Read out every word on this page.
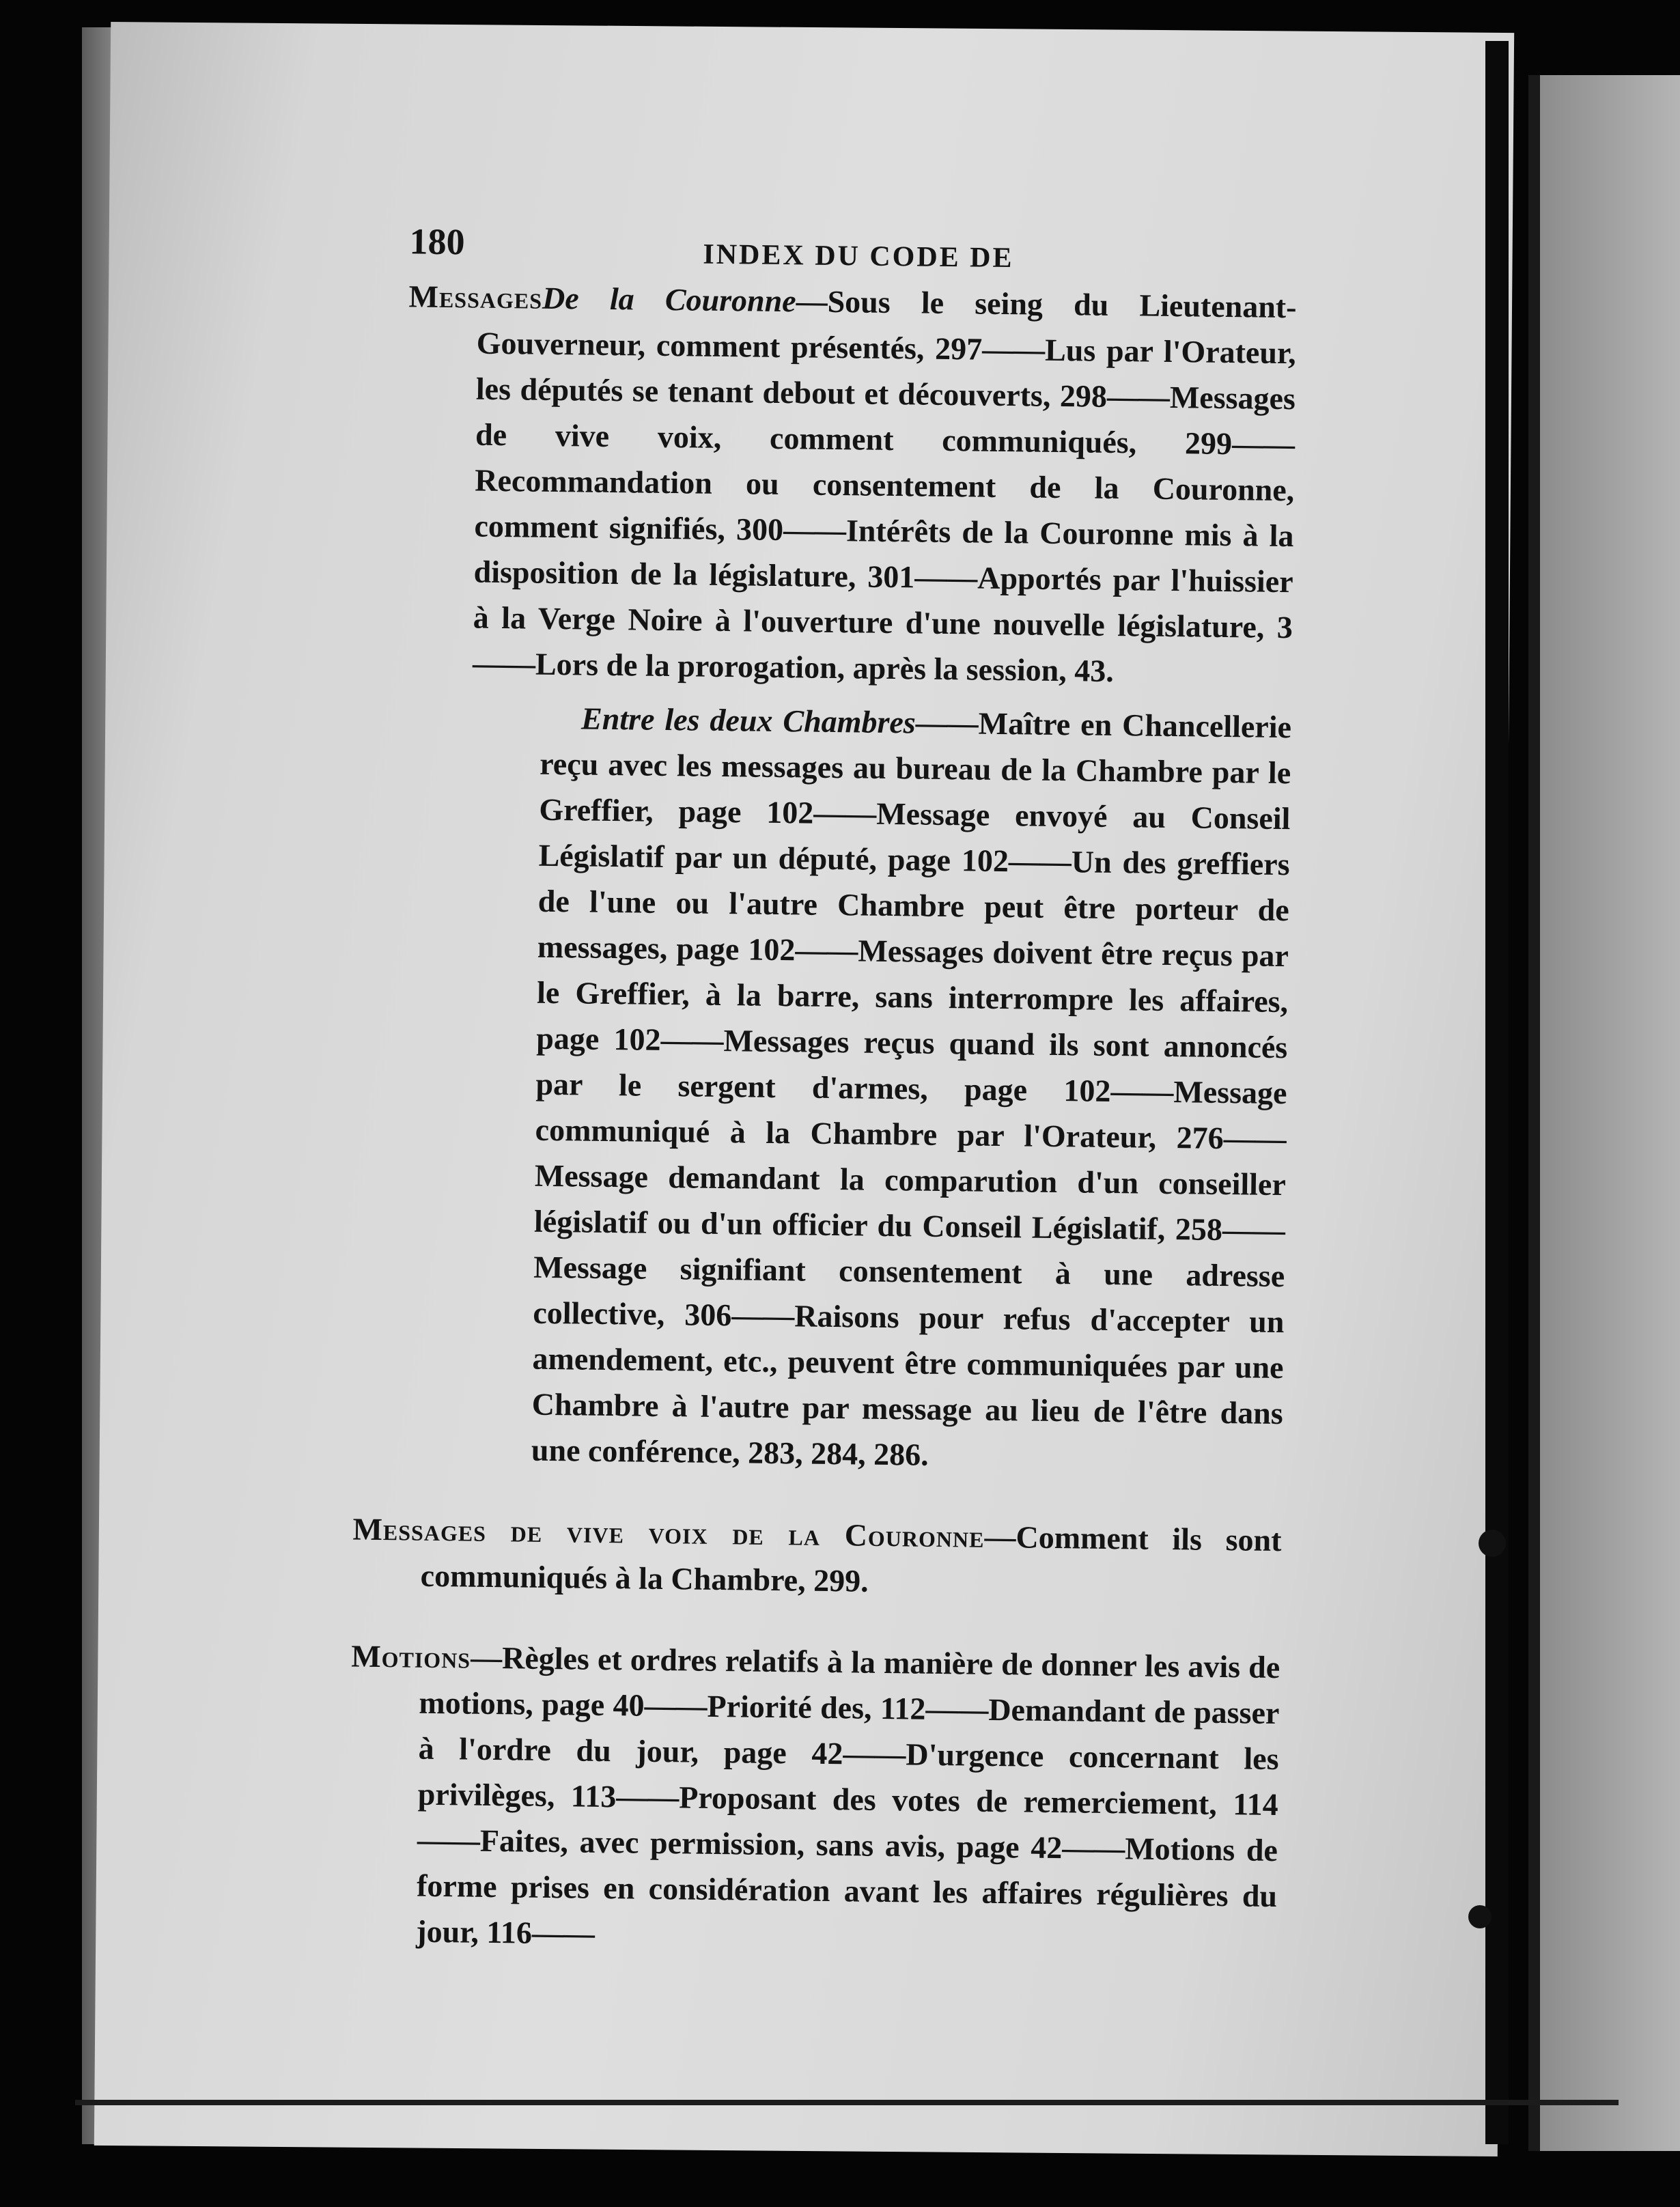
180	INDEX DU CODE DE
MessagesDe la Couronne—Sous le seing du Lieutenant-Gouverneur, comment présentés, 297——Lus par l'Orateur, les députés se tenant debout et découverts, 298——Messages de vive voix, comment communiqués, 299——Recommandation ou consentement de la Couronne, comment signifiés, 300——Intérêts de la Couronne mis à la disposition de la législature, 301——Apportés par l'huissier à la Verge Noire à l'ouverture d'une nouvelle législature, 3——Lors de la prorogation, après la session, 43.
Entre les deux Chambres——Maître en Chancellerie reçu avec les messages au bureau de la Chambre par le Greffier, page 102——Message envoyé au Conseil Législatif par un député, page 102——Un des greffiers de l'une ou l'autre Chambre peut être porteur de messages, page 102——Messages doivent être reçus par le Greffier, à la barre, sans interrompre les affaires, page 102——Messages reçus quand ils sont annoncés par le sergent d'armes, page 102——Message communiqué à la Chambre par l'Orateur, 276——Message demandant la comparution d'un conseiller législatif ou d'un officier du Conseil Législatif, 258——Message signifiant consentement à une adresse collective, 306——Raisons pour refus d'accepter un amendement, etc., peuvent être communiquées par une Chambre à l'autre par message au lieu de l'être dans une conférence, 283, 284, 286.
Messages de vive voix de la Couronne—Comment ils sont communiqués à la Chambre, 299.
Motions—Règles et ordres relatifs à la manière de donner les avis de motions, page 40——Priorité des, 112——Demandant de passer à l'ordre du jour, page 42——D'urgence concernant les privilèges, 113——Proposant des votes de remerciement, 114——Faites, avec permission, sans avis, page 42——Motions de forme prises en considération avant les affaires régulières du jour, 116——
